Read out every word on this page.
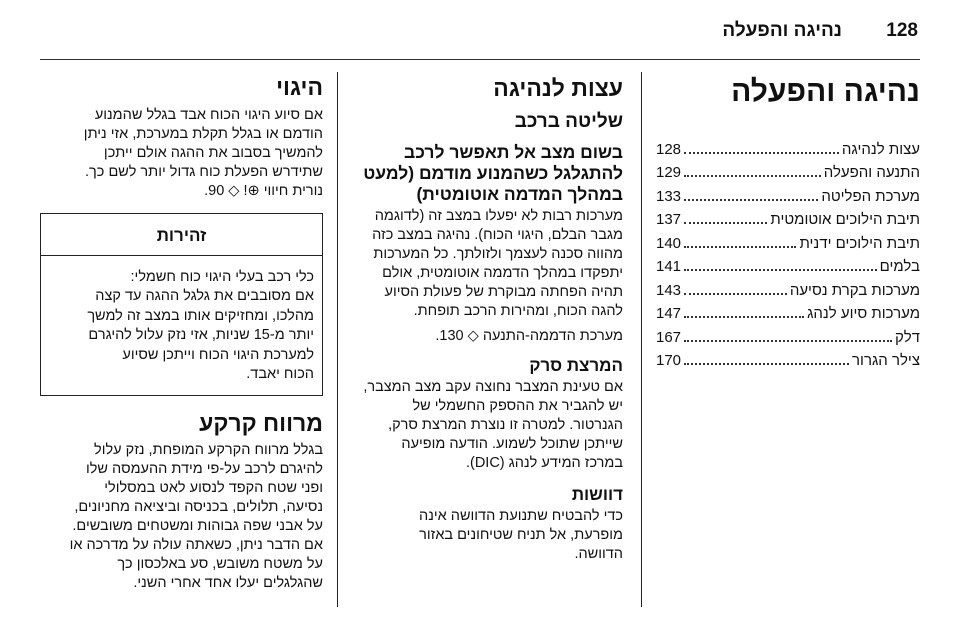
128
נהיגה והפעלה
נהיגה והפעלה
עצות לנהיגה
128
התנעה והפעלה
129
מערכת הפליטה
133
תיבת הילוכים אוטומטית
137
תיבת הילוכים ידנית
140
בלמים
141
מערכות בקרת נסיעה
143
מערכות סיוע לנהג
147
דלק
167
צילר הגרור
170
עצות לנהיגה
שליטה ברכב
בשום מצב אל תאפשר לרכב להתגלגל כשהמנוע מודמם (למעט במהלך המדמה אוטומטית)
מערכות רבות לא יפעלו במצב זה (לדוגמה
מגבר הבלם, היגוי הכוח). נהיגה במצב כזה
מהווה סכנה לעצמך ולזולתך. כל המערכות
יתפקדו במהלך הדממה אוטומטית, אולם
תהיה הפחתה מבוקרת של פעולת הסיוע
להגה הכוח, ומהירות הרכב תופחת.
מערכת הדממה-התנעה ◇ 130.
המרצת סרק
אם טעינת המצבר נחוצה עקב מצב המצבר,
יש להגביר את ההספק החשמלי של
הגנרטור. למטרה זו נוצרת המרצת סרק,
שייתכן שתוכל לשמוע. הודעה מופיעה
במרכז המידע לנהג (DIC).
דוושות
כדי להבטיח שתנועת הדוושה אינה
מופרעת, אל תניח שטיחונים באזור
הדוושה.
היגוי
אם סיוע היגוי הכוח אבד בגלל שהמנוע
הודמם או בגלל תקלת במערכת, אזי ניתן
להמשיך בסבוב את ההגה אולם ייתכן
שתידרש הפעלת כוח גדול יותר לשם כך.
נורית חיווי ⊕! ◇ 90.
זהירות
כלי רכב בעלי היגוי כוח חשמלי:
אם מסובבים את גלגל ההגה עד קצה
מהלכו, ומחזיקים אותו במצב זה למשך
יותר מ-15 שניות, אזי נזק עלול להיגרם
למערכת היגוי הכוח וייתכן שסיוע
הכוח יאבד.
מרווח קרקע
בגלל מרווח הקרקע המופחת, נזק עלול
להיגרם לרכב על-פי מידת ההעמסה שלו
ופני שטח הקפד לנסוע לאט במסלולי
נסיעה, תלולים, בכניסה וביציאה מחניונים,
על אבני שפה גבוהות ומשטחים משובשים.
אם הדבר ניתן, כשאתה עולה על מדרכה או
על משטח משובש, סע באלכסון כך
שהגלגלים יעלו אחד אחרי השני.
